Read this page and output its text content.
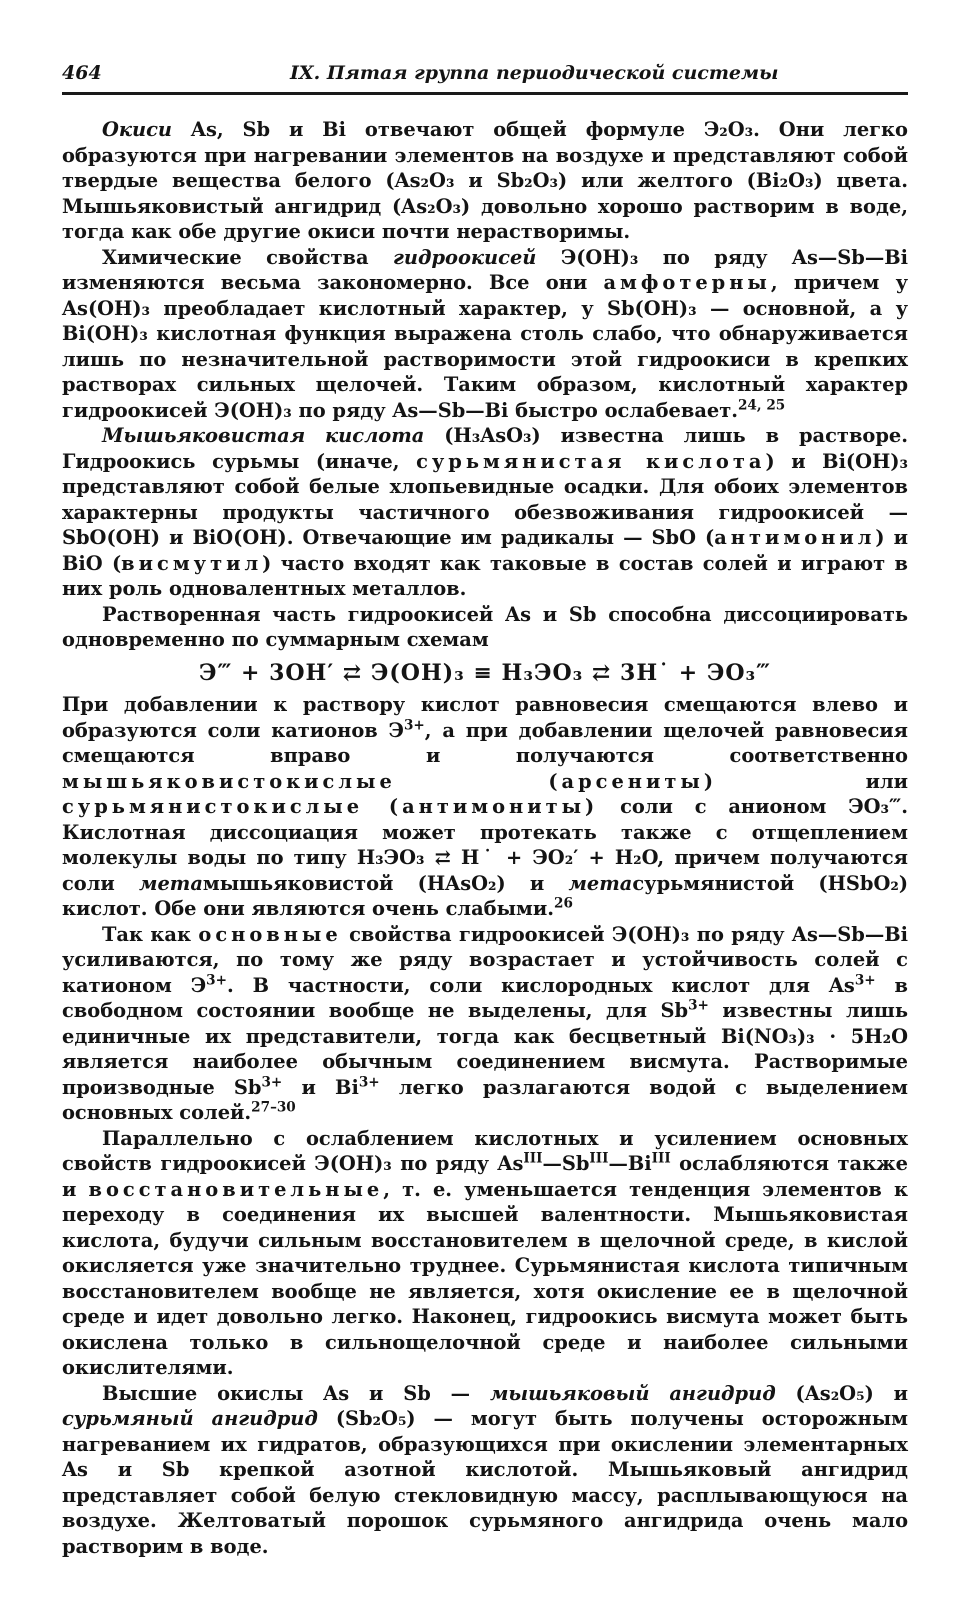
464	IX. Пятая группа периодической системы

Окиси As, Sb и Bi отвечают общей формуле Э₂O₃. Они легко образуются при нагревании элементов на воздухе и представляют собой твердые вещества белого (As₂O₃ и Sb₂O₃) или желтого (Bi₂O₃) цвета. Мышьяковистый ангидрид (As₂O₃) довольно хорошо растворим в воде, тогда как обе другие окиси почти нерастворимы.

Химические свойства гидроокисей Э(OH)₃ по ряду As—Sb—Bi изменяются весьма закономерно. Все они амфотерны, причем у As(OH)₃ преобладает кислотный характер, у Sb(OH)₃ — основной, а у Bi(OH)₃ кислотная функция выражена столь слабо, что обнаруживается лишь по незначительной растворимости этой гидроокиси в крепких растворах сильных щелочей. Таким образом, кислотный характер гидроокисей Э(OH)₃ по ряду As—Sb—Bi быстро ослабевает.$^{24, 25}$

Мышьяковистая кислота (H₃AsO₃) известна лишь в растворе. Гидроокись сурьмы (иначе, сурьмянистая кислота) и Bi(OH)₃ представляют собой белые хлопьевидные осадки. Для обоих элементов характерны продукты частичного обезвоживания гидроокисей — SbO(OH) и BiO(OH). Отвечающие им радикалы — SbO (антимонил) и BiO (висмутил) часто входят как таковые в состав солей и играют в них роль одновалентных металлов.

Растворенная часть гидроокисей As и Sb способна диссоциировать одновременно по суммарным схемам

Э‴ + 3OH′ ⇄ Э(OH)₃ ≡ H₃ЭO₃ ⇄ 3H˙ + ЭO₃‴

При добавлении к раствору кислот равновесия смещаются влево и образуются соли катионов $Э^{3+}$, а при добавлении щелочей равновесия смещаются вправо и получаются соответственно мышьяковистокислые (арсениты) или сурьмянистокислые (антимониты) соли с анионом ЭO₃‴. Кислотная диссоциация может протекать также с отщеплением молекулы воды по типу H₃ЭO₃ ⇄ H˙ + ЭO₂′ + H₂O, причем получаются соли метамышьяковистой (HAsO₂) и метасурьмянистой (HSbO₂) кислот. Обе они являются очень слабыми.$^{26}$

Так как основные свойства гидроокисей Э(OH)₃ по ряду As—Sb—Bi усиливаются, по тому же ряду возрастает и устойчивость солей с катионом $Э^{3+}$. В частности, соли кислородных кислот для $As^{3+}$ в свободном состоянии вообще не выделены, для $Sb^{3+}$ известны лишь единичные их представители, тогда как бесцветный Bi(NO₃)₃ · 5H₂O является наиболее обычным соединением висмута. Растворимые производные $Sb^{3+}$ и $Bi^{3+}$ легко разлагаются водой с выделением основных солей.$^{27-30}$

Параллельно с ослаблением кислотных и усилением основных свойств гидроокисей Э(OH)₃ по ряду $As^{III}—Sb^{III}—Bi^{III}$ ослабляются также и восстановительные, т. е. уменьшается тенденция элементов к переходу в соединения их высшей валентности. Мышьяковистая кислота, будучи сильным восстановителем в щелочной среде, в кислой окисляется уже значительно труднее. Сурьмянистая кислота типичным восстановителем вообще не является, хотя окисление ее в щелочной среде и идет довольно легко. Наконец, гидроокись висмута может быть окислена только в сильнощелочной среде и наиболее сильными окислителями.

Высшие окислы As и Sb — мышьяковый ангидрид (As₂O₅) и сурьмяный ангидрид (Sb₂O₅) — могут быть получены осторожным нагреванием их гидратов, образующихся при окислении элементарных As и Sb крепкой азотной кислотой. Мышьяковый ангидрид представляет собой белую стекловидную массу, расплывающуюся на воздухе. Желтоватый порошок сурьмяного ангидрида очень мало растворим в воде.
